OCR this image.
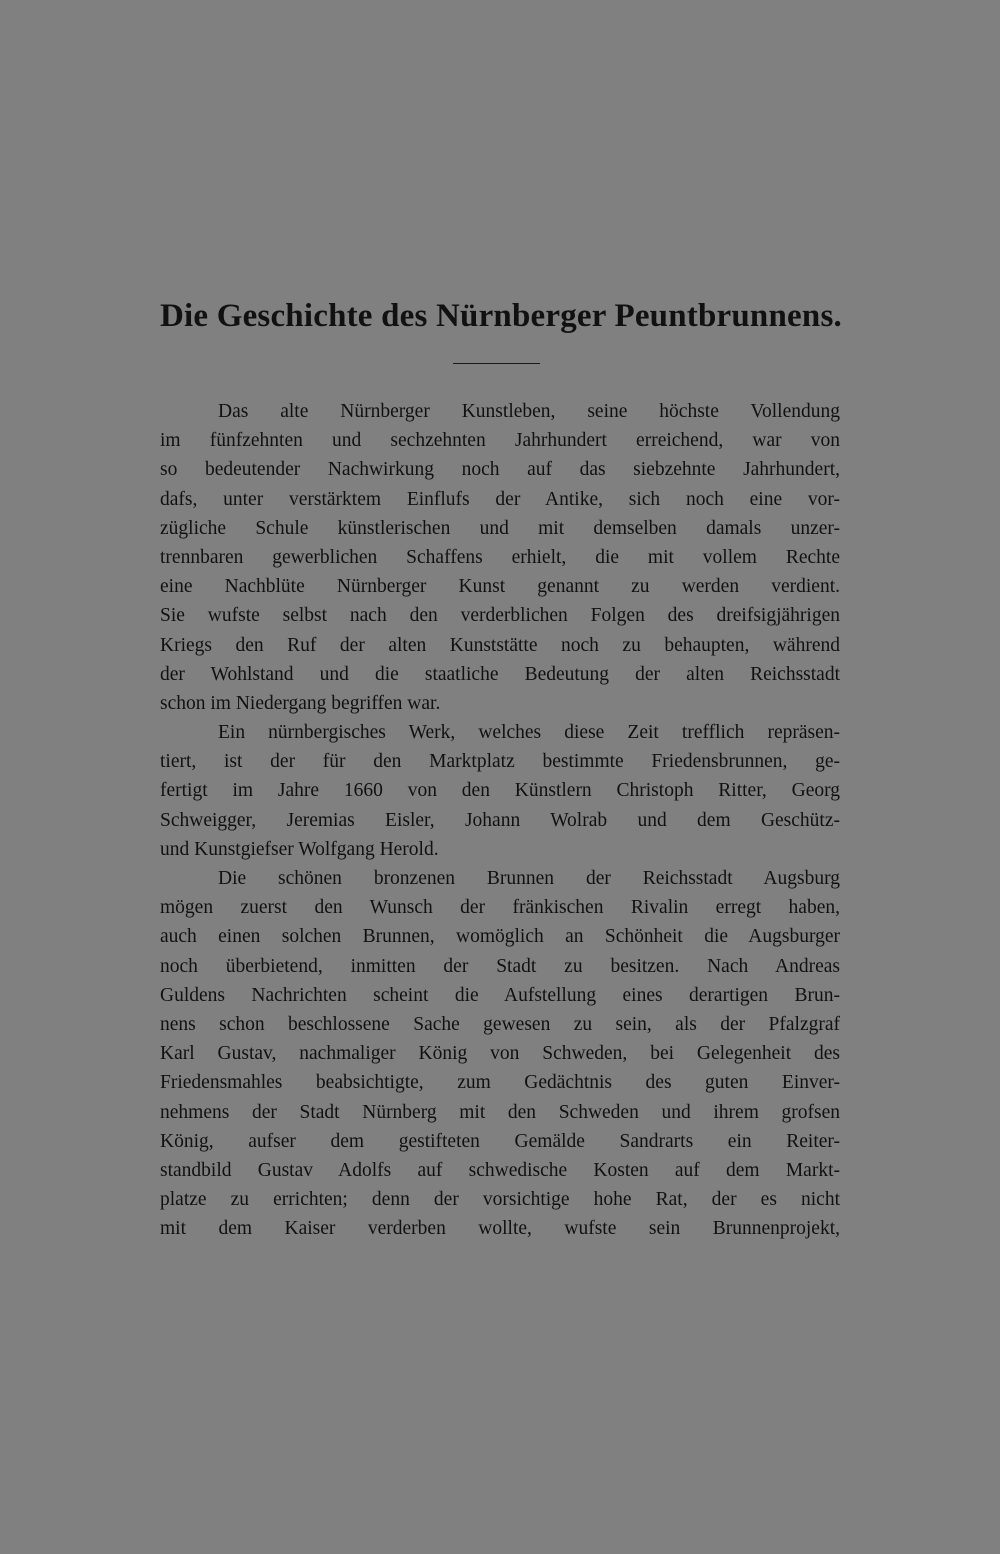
Die Geschichte des Nürnberger Peuntbrunnens.
Das alte Nürnberger Kunstleben, seine höchste Vollendung
im fünfzehnten und sechzehnten Jahrhundert erreichend, war von
so bedeutender Nachwirkung noch auf das siebzehnte Jahrhundert,
dafs, unter verstärktem Einflufs der Antike, sich noch eine vor-
zügliche Schule künstlerischen und mit demselben damals unzer-
trennbaren gewerblichen Schaffens erhielt, die mit vollem Rechte
eine Nachblüte Nürnberger Kunst genannt zu werden verdient.
Sie wufste selbst nach den verderblichen Folgen des dreifsigjährigen
Kriegs den Ruf der alten Kunststätte noch zu behaupten, während
der Wohlstand und die staatliche Bedeutung der alten Reichsstadt
schon im Niedergang begriffen war.
Ein nürnbergisches Werk, welches diese Zeit trefflich repräsen-
tiert, ist der für den Marktplatz bestimmte Friedensbrunnen, ge-
fertigt im Jahre 1660 von den Künstlern Christoph Ritter, Georg
Schweigger, Jeremias Eisler, Johann Wolrab und dem Geschütz-
und Kunstgiefser Wolfgang Herold.
Die schönen bronzenen Brunnen der Reichsstadt Augsburg
mögen zuerst den Wunsch der fränkischen Rivalin erregt haben,
auch einen solchen Brunnen, womöglich an Schönheit die Augsburger
noch überbietend, inmitten der Stadt zu besitzen. Nach Andreas
Guldens Nachrichten scheint die Aufstellung eines derartigen Brun-
nens schon beschlossene Sache gewesen zu sein, als der Pfalzgraf
Karl Gustav, nachmaliger König von Schweden, bei Gelegenheit des
Friedensmahles beabsichtigte, zum Gedächtnis des guten Einver-
nehmens der Stadt Nürnberg mit den Schweden und ihrem grofsen
König, aufser dem gestifteten Gemälde Sandrarts ein Reiter-
standbild Gustav Adolfs auf schwedische Kosten auf dem Markt-
platze zu errichten; denn der vorsichtige hohe Rat, der es nicht
mit dem Kaiser verderben wollte, wufste sein Brunnenprojekt,
